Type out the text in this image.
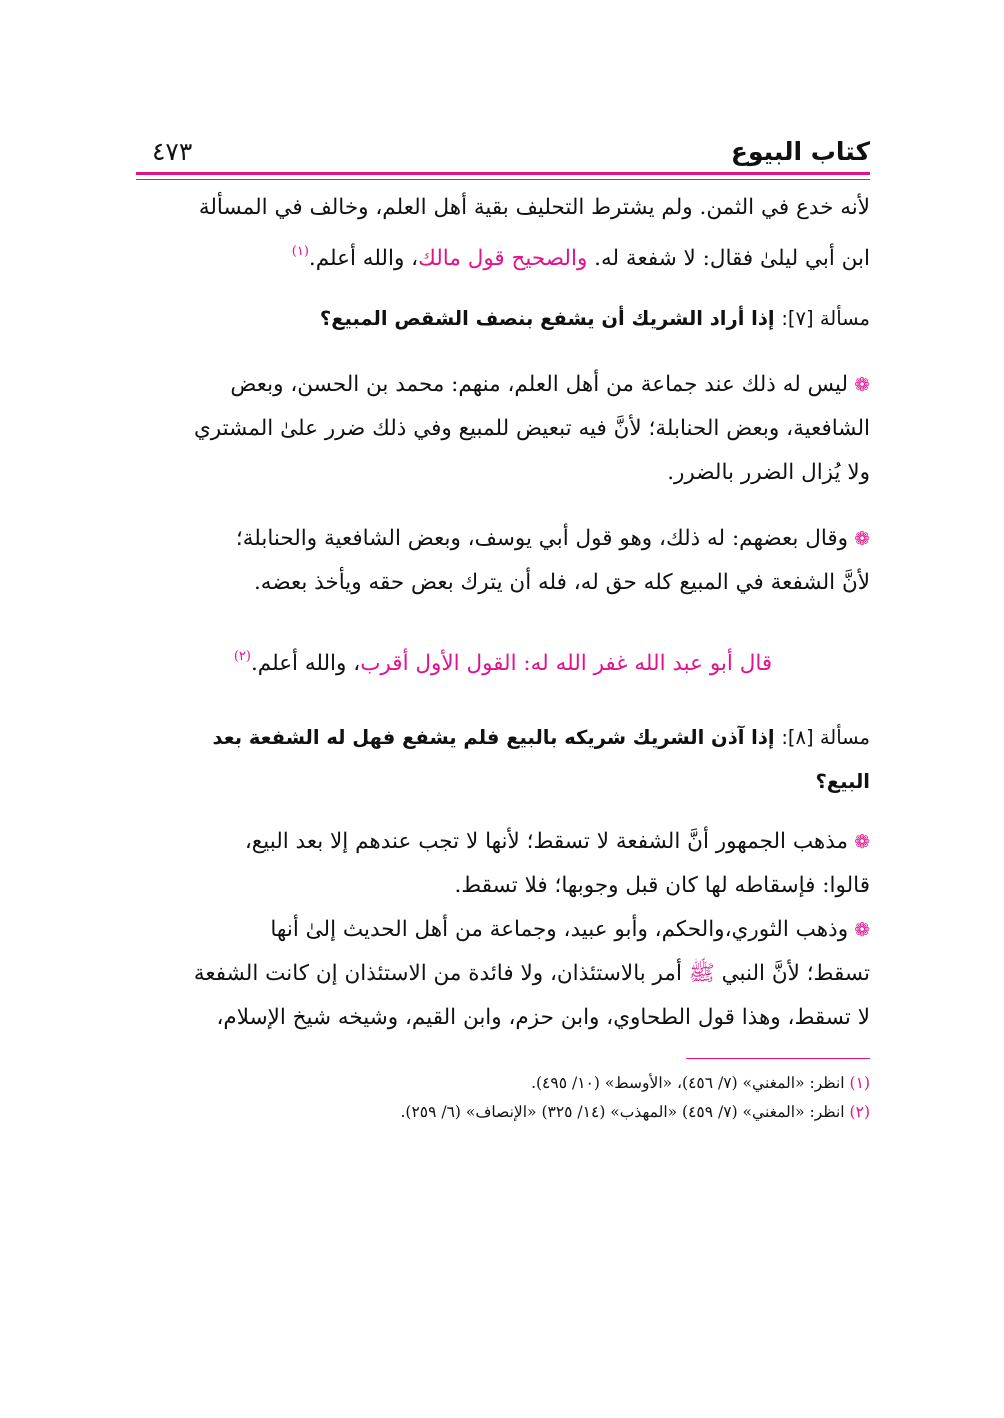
كتاب البيوع
٤٧٣

لأنه خدع في الثمن. ولم يشترط التحليف بقية أهل العلم، وخالف في المسألة

ابن أبي ليلىٰ فقال: لا شفعة له. والصحيح قول مالك، والله أعلم.$^{(١)}$

مسألة [٧]: إذا أراد الشريك أن يشفع بنصف الشقص المبيع؟

❁ليس له ذلك عند جماعة من أهل العلم، منهم: محمد بن الحسن، وبعض

الشافعية، وبعض الحنابلة؛ لأنَّ فيه تبعيض للمبيع وفي ذلك ضرر علىٰ المشتري

ولا يُزال الضرر بالضرر.

❁وقال بعضهم: له ذلك، وهو قول أبي يوسف، وبعض الشافعية والحنابلة؛

لأنَّ الشفعة في المبيع كله حق له، فله أن يترك بعض حقه ويأخذ بعضه.

قال أبو عبد الله غفر الله له: القول الأول أقرب، والله أعلم.$^{(٢)}$

مسألة [٨]: إذا آذن الشريك شريكه بالبيع فلم يشفع فهل له الشفعة بعد

البيع؟

❁مذهب الجمهور أنَّ الشفعة لا تسقط؛ لأنها لا تجب عندهم إلا بعد البيع،

قالوا: فإسقاطه لها كان قبل وجوبها؛ فلا تسقط.

❁وذهب الثوري،والحكم، وأبو عبيد، وجماعة من أهل الحديث إلىٰ أنها

تسقط؛ لأنَّ النبي ﷺ أمر بالاستئذان، ولا فائدة من الاستئذان إن كانت الشفعة

لا تسقط، وهذا قول الطحاوي، وابن حزم، وابن القيم، وشيخه شيخ الإسلام،

(١) انظر: «المغني» (٧/ ٤٥٦)، «الأوسط» (١٠/ ٤٩٥).
(٢) انظر: «المغني» (٧/ ٤٥٩) «المهذب» (١٤/ ٣٢٥) «الإنصاف» (٦/ ٢٥٩).
